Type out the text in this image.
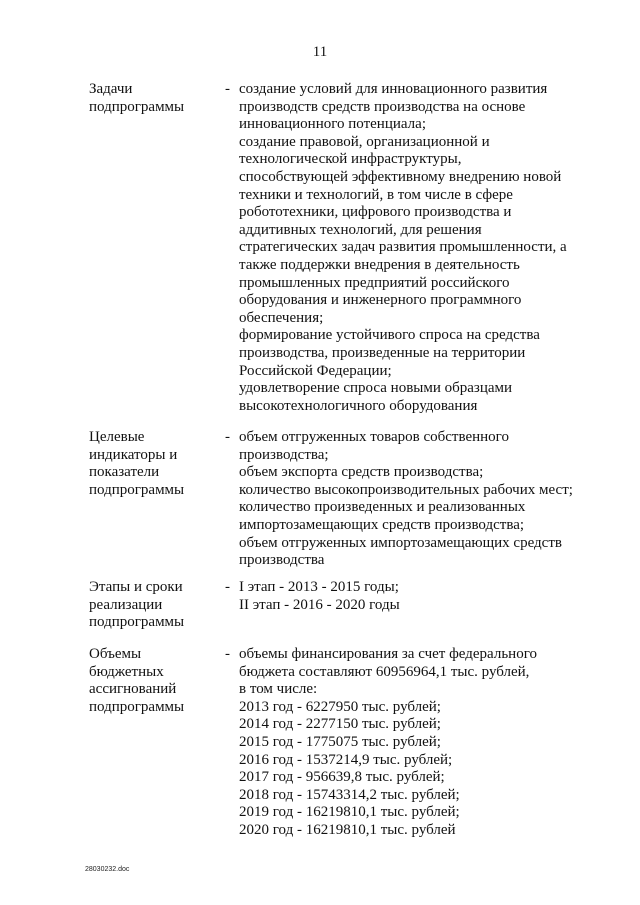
11
Задачи
подпрограммы
- создание условий для инновационного развития
производств средств производства на основе
инновационного потенциала;
создание правовой, организационной и
технологической инфраструктуры,
способствующей эффективному внедрению новой
техники и технологий, в том числе в сфере
робототехники, цифрового производства и
аддитивных технологий, для решения
стратегических задач развития промышленности, а
также поддержки внедрения в деятельность
промышленных предприятий российского
оборудования и инженерного программного
обеспечения;
формирование устойчивого спроса на средства
производства, произведенные на территории
Российской Федерации;
удовлетворение спроса новыми образцами
высокотехнологичного оборудования
Целевые
индикаторы и
показатели
подпрограммы
- объем отгруженных товаров собственного
производства;
объем экспорта средств производства;
количество высокопроизводительных рабочих мест;
количество произведенных и реализованных
импортозамещающих средств производства;
объем отгруженных импортозамещающих средств
производства
Этапы и сроки
реализации
подпрограммы
- I этап - 2013 - 2015 годы;
II этап - 2016 - 2020 годы
Объемы
бюджетных
ассигнований
подпрограммы
- объемы финансирования за счет федерального
бюджета составляют 60956964,1 тыс. рублей,
в том числе:
2013 год - 6227950 тыс. рублей;
2014 год - 2277150 тыс. рублей;
2015 год - 1775075 тыс. рублей;
2016 год - 1537214,9 тыс. рублей;
2017 год - 956639,8 тыс. рублей;
2018 год - 15743314,2 тыс. рублей;
2019 год - 16219810,1 тыс. рублей;
2020 год - 16219810,1 тыс. рублей
28030232.doc
